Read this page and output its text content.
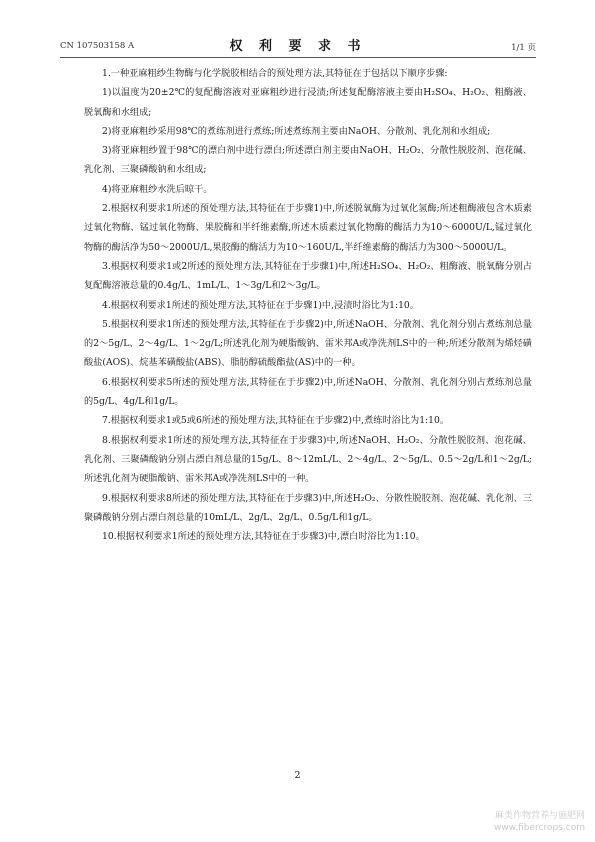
CN 107503158 A	权 利 要 求 书	1/1 页

1.一种亚麻粗纱生物酶与化学脱胶相结合的预处理方法,其特征在于包括以下顺序步骤:

1)以温度为20±2℃的复配酶溶液对亚麻粗纱进行浸渍;所述复配酶溶液主要由H₂SO₄、H₂O₂、粗酶液、脱氧酶和水组成;

2)将亚麻粗纱采用98℃的煮练剂进行煮练;所述煮练剂主要由NaOH、分散剂、乳化剂和水组成;

3)将亚麻粗纱置于98℃的漂白剂中进行漂白;所述漂白剂主要由NaOH、H₂O₂、分散性脱胶剂、泡花碱、乳化剂、三聚磷酸钠和水组成;

4)将亚麻粗纱水洗后晾干。

2.根据权利要求1所述的预处理方法,其特征在于步骤1)中,所述脱氧酶为过氧化氢酶;所述粗酶液包含木质素过氧化物酶、锰过氧化物酶、果胶酶和半纤维素酶,所述木质素过氧化物酶的酶活力为10～6000U/L,锰过氧化物酶的酶活净为50～2000U/L,果胶酶的酶活力为10～160U/L,半纤维素酶的酶活力为300～5000U/L。

3.根据权利要求1或2所述的预处理方法,其特征在于步骤1)中,所述H₂SO₄、H₂O₂、粗酶液、脱氧酶分别占复配酶溶液总量的0.4g/L、1mL/L、1～3g/L和2～3g/L。

4.根据权利要求1所述的预处理方法,其特征在于步骤1)中,浸渍时浴比为1:10。

5.根据权利要求1所述的预处理方法,其特征在于步骤2)中,所述NaOH、分散剂、乳化剂分别占煮练剂总量的2～5g/L、2～4g/L、1～2g/L;所述乳化剂为硬脂酸钠、雷米邦A或净洗剂LS中的一种;所述分散剂为烯烃磺酸盐(AOS)、烷基苯磺酸盐(ABS)、脂肪醇硫酸酯盐(AS)中的一种。

6.根据权利要求5所述的预处理方法,其特征在于步骤2)中,所述NaOH、分散剂、乳化剂分别占煮练剂总量的5g/L、4g/L和1g/L。

7.根据权利要求1或5或6所述的预处理方法,其特征在于步骤2)中,煮练时浴比为1:10。

8.根据权利要求1所述的预处理方法,其特征在于步骤3)中,所述NaOH、H₂O₂、分散性脱胶剂、泡花碱、乳化剂、三聚磷酸钠分别占漂白剂总量的15g/L、8～12mL/L、2～4g/L、2～5g/L、0.5～2g/L和1～2g/L;所述乳化剂为硬脂酸钠、雷米邦A或净洗剂LS中的一种。

9.根据权利要求8所述的预处理方法,其特征在于步骤3)中,所述H₂O₂、分散性脱胶剂、泡花碱、乳化剂、三聚磷酸钠分别占漂白剂总量的10mL/L、2g/L、2g/L、0.5g/L和1g/L。

10.根据权利要求1所述的预处理方法,其特征在于步骤3)中,漂白时浴比为1:10。

2
麻类作物营养与施肥网
www.fibercrops.com
